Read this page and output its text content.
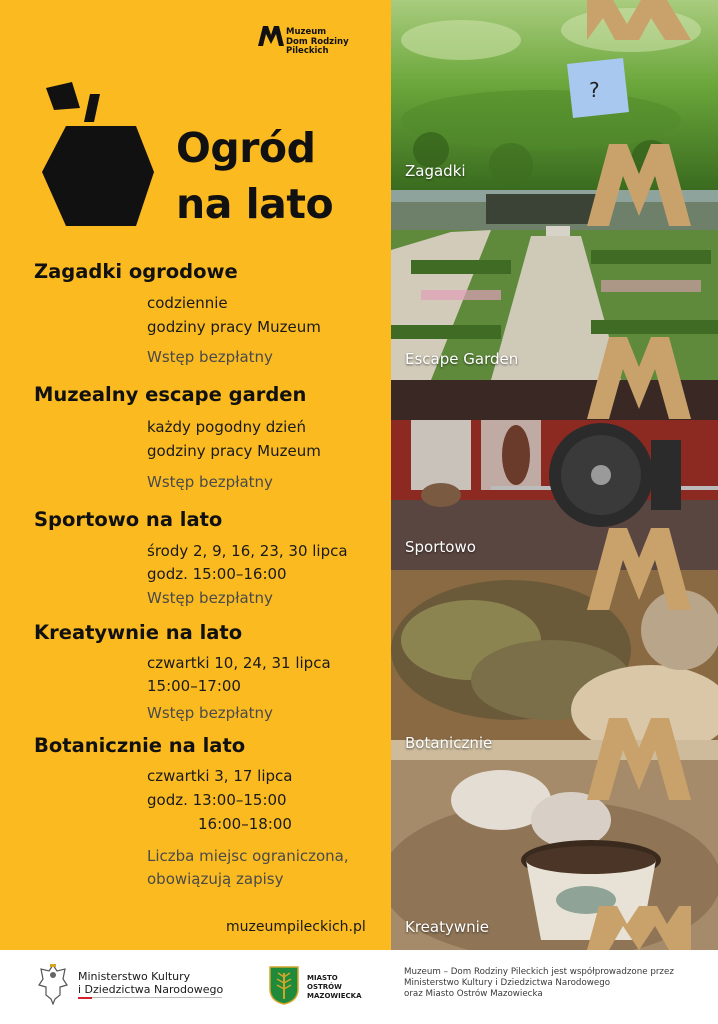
Muzeum
Dom Rodziny
Pileckich
Ogród
na lato
Zagadki ogrodowe
codziennie
godziny pracy Muzeum
Wstęp bezpłatny
Muzealny escape garden
każdy pogodny dzień
godziny pracy Muzeum
Wstęp bezpłatny
Sportowo na lato
środy 2, 9, 16, 23, 30 lipca
godz. 15:00–16:00
Wstęp bezpłatny
Kreatywnie na lato
czwartki 10, 24, 31 lipca
15:00–17:00
Wstęp bezpłatny
Botanicznie na lato
czwartki 3, 17 lipca
godz. 13:00–15:00
16:00–18:00
Liczba miejsc ograniczona,
obowiązują zapisy
muzeumpileckich.pl
?
Zagadki
Escape Garden
Sportowo
Botanicznie
Kreatywnie
Ministerstwo Kultury
i Dziedzictwa Narodowego
MIASTO
OSTRÓW
MAZOWIECKA
Muzeum – Dom Rodziny Pileckich jest współprowadzone przez
Ministerstwo Kultury i Dziedzictwa Narodowego
oraz Miasto Ostrów Mazowiecka
